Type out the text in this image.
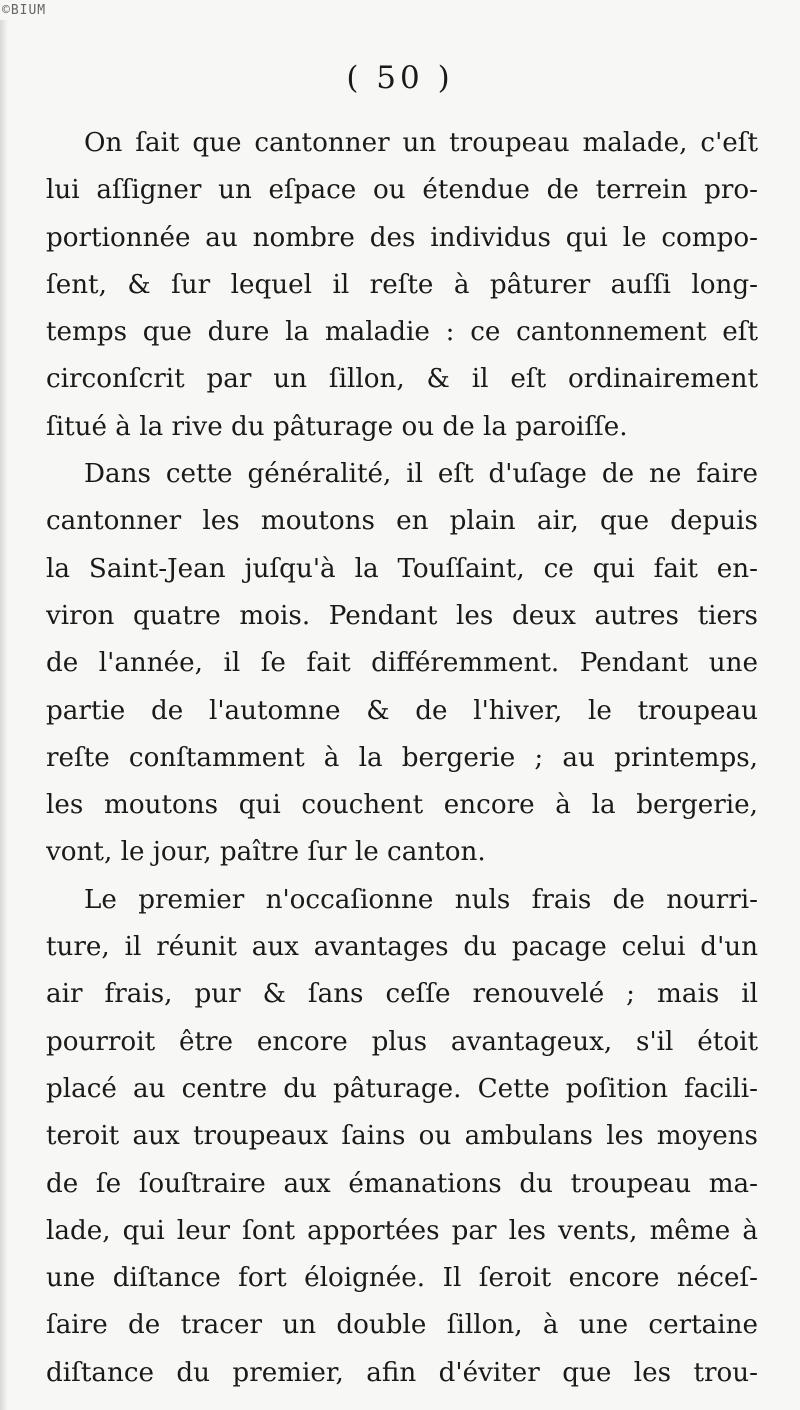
©BIUM
( 50 )
On ſait que cantonner un troupeau malade, c'eſt
lui aſſigner un eſpace ou étendue de terrein pro-
portionnée au nombre des individus qui le compo-
ſent, & ſur lequel il reſte à pâturer auſſi long-
temps que dure la maladie : ce cantonnement eſt
circonſcrit par un ſillon, & il eſt ordinairement
ſitué à la rive du pâturage ou de la paroiſſe.
Dans cette généralité, il eſt d'uſage de ne faire
cantonner les moutons en plain air, que depuis
la Saint-Jean juſqu'à la Touſſaint, ce qui fait en-
viron quatre mois. Pendant les deux autres tiers
de l'année, il ſe fait différemment. Pendant une
partie de l'automne & de l'hiver, le troupeau
reſte conſtamment à la bergerie ; au printemps,
les moutons qui couchent encore à la bergerie,
vont, le jour, paître ſur le canton.
Le premier n'occaſionne nuls frais de nourri-
ture, il réunit aux avantages du pacage celui d'un
air frais, pur & ſans ceſſe renouvelé ; mais il
pourroit être encore plus avantageux, s'il étoit
placé au centre du pâturage. Cette poſition facili-
teroit aux troupeaux ſains ou ambulans les moyens
de ſe ſouſtraire aux émanations du troupeau ma-
lade, qui leur ſont apportées par les vents, même à
une diſtance fort éloignée. Il ſeroit encore néceſ-
ſaire de tracer un double ſillon, à une certaine
diſtance du premier, afin d'éviter que les trou-
